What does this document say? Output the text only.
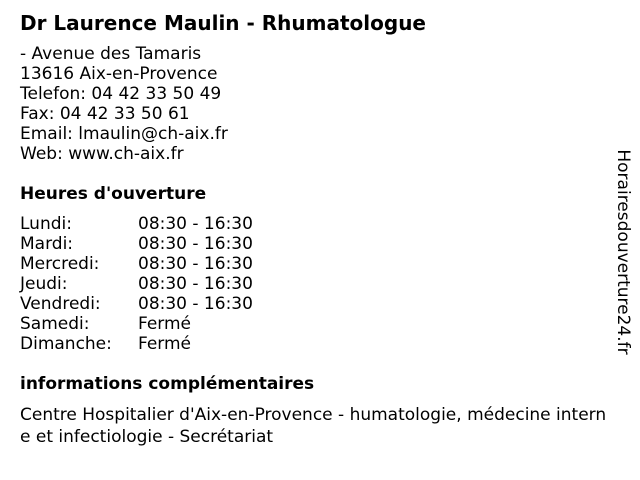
Dr Laurence Maulin - Rhumatologue
- Avenue des Tamaris
13616 Aix-en-Provence
Telefon: 04 42 33 50 49
Fax: 04 42 33 50 61
Email: lmaulin@ch-aix.fr
Web: www.ch-aix.fr
Heures d'ouverture
Lundi:	08:30 - 16:30
Mardi:	08:30 - 16:30
Mercredi:	08:30 - 16:30
Jeudi:	08:30 - 16:30
Vendredi:	08:30 - 16:30
Samedi:	Fermé
Dimanche:	Fermé
informations complémentaires
Centre Hospitalier d'Aix-en-Provence - humatologie, médecine interne et infectiologie - Secrétariat
Horairesdouverture24.fr
